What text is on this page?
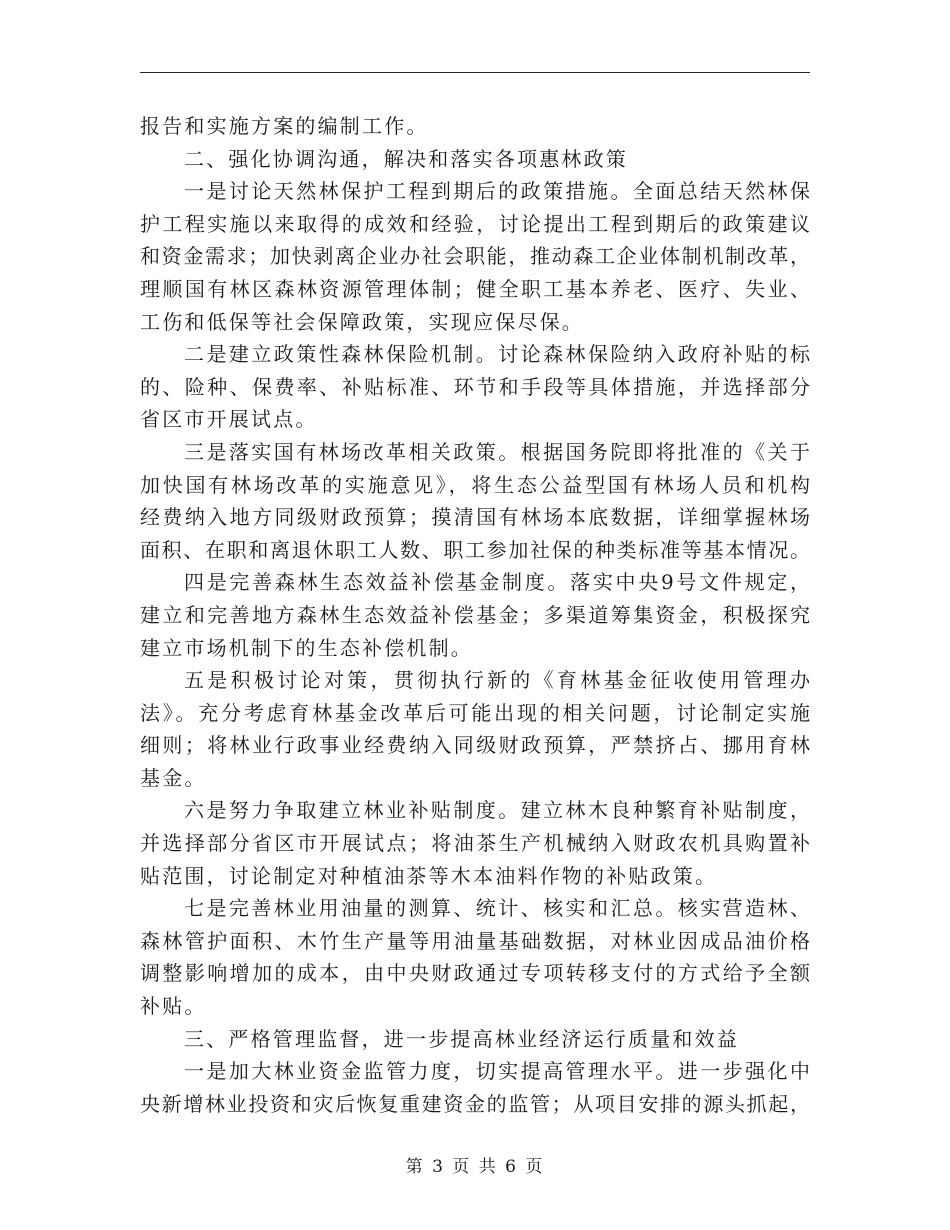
报告和实施方案的编制工作。
二、强化协调沟通，解决和落实各项惠林政策
一是讨论天然林保护工程到期后的政策措施。全面总结天然林保
护工程实施以来取得的成效和经验，讨论提出工程到期后的政策建议
和资金需求；加快剥离企业办社会职能，推动森工企业体制机制改革，
理顺国有林区森林资源管理体制；健全职工基本养老、医疗、失业、
工伤和低保等社会保障政策，实现应保尽保。
二是建立政策性森林保险机制。讨论森林保险纳入政府补贴的标
的、险种、保费率、补贴标准、环节和手段等具体措施，并选择部分
省区市开展试点。
三是落实国有林场改革相关政策。根据国务院即将批准的《关于
加快国有林场改革的实施意见》，将生态公益型国有林场人员和机构
经费纳入地方同级财政预算；摸清国有林场本底数据，详细掌握林场
面积、在职和离退休职工人数、职工参加社保的种类标准等基本情况。
四是完善森林生态效益补偿基金制度。落实中央9号文件规定，
建立和完善地方森林生态效益补偿基金；多渠道筹集资金，积极探究
建立市场机制下的生态补偿机制。
五是积极讨论对策，贯彻执行新的《育林基金征收使用管理办
法》。充分考虑育林基金改革后可能出现的相关问题，讨论制定实施
细则；将林业行政事业经费纳入同级财政预算，严禁挤占、挪用育林
基金。
六是努力争取建立林业补贴制度。建立林木良种繁育补贴制度，
并选择部分省区市开展试点；将油茶生产机械纳入财政农机具购置补
贴范围，讨论制定对种植油茶等木本油料作物的补贴政策。
七是完善林业用油量的测算、统计、核实和汇总。核实营造林、
森林管护面积、木竹生产量等用油量基础数据，对林业因成品油价格
调整影响增加的成本，由中央财政通过专项转移支付的方式给予全额
补贴。
三、严格管理监督，进一步提高林业经济运行质量和效益
一是加大林业资金监管力度，切实提高管理水平。进一步强化中
央新增林业投资和灾后恢复重建资金的监管；从项目安排的源头抓起，
第 3 页 共 6 页
